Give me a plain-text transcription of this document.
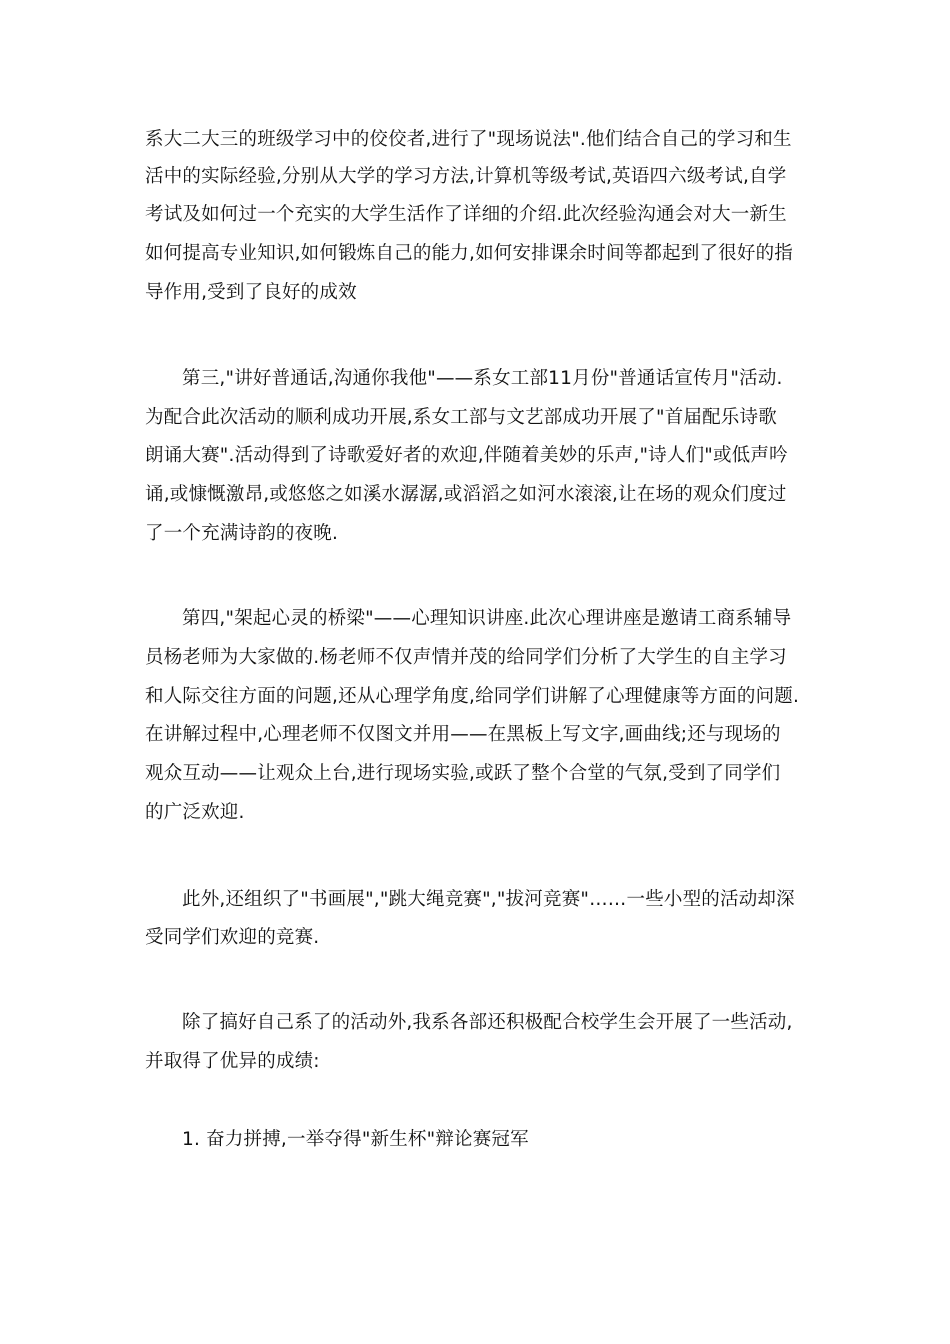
系大二大三的班级学习中的佼佼者,进行了"现场说法".他们结合自己的学习和生
活中的实际经验,分别从大学的学习方法,计算机等级考试,英语四六级考试,自学
考试及如何过一个充实的大学生活作了详细的介绍.此次经验沟通会对大一新生
如何提高专业知识,如何锻炼自己的能力,如何安排课余时间等都起到了很好的指
导作用,受到了良好的成效
第三,"讲好普通话,沟通你我他"——系女工部11月份"普通话宣传月"活动.
为配合此次活动的顺利成功开展,系女工部与文艺部成功开展了"首届配乐诗歌
朗诵大赛".活动得到了诗歌爱好者的欢迎,伴随着美妙的乐声,"诗人们"或低声吟
诵,或慷慨激昂,或悠悠之如溪水潺潺,或滔滔之如河水滚滚,让在场的观众们度过
了一个充满诗韵的夜晚.
第四,"架起心灵的桥梁"——心理知识讲座.此次心理讲座是邀请工商系辅导
员杨老师为大家做的.杨老师不仅声情并茂的给同学们分析了大学生的自主学习
和人际交往方面的问题,还从心理学角度,给同学们讲解了心理健康等方面的问题.
在讲解过程中,心理老师不仅图文并用——在黑板上写文字,画曲线;还与现场的
观众互动——让观众上台,进行现场实验,或跃了整个合堂的气氛,受到了同学们
的广泛欢迎.
此外,还组织了"书画展","跳大绳竞赛","拔河竞赛"……一些小型的活动却深
受同学们欢迎的竞赛.
除了搞好自己系了的活动外,我系各部还积极配合校学生会开展了一些活动,
并取得了优异的成绩:
1. 奋力拼搏,一举夺得"新生杯"辩论赛冠军
